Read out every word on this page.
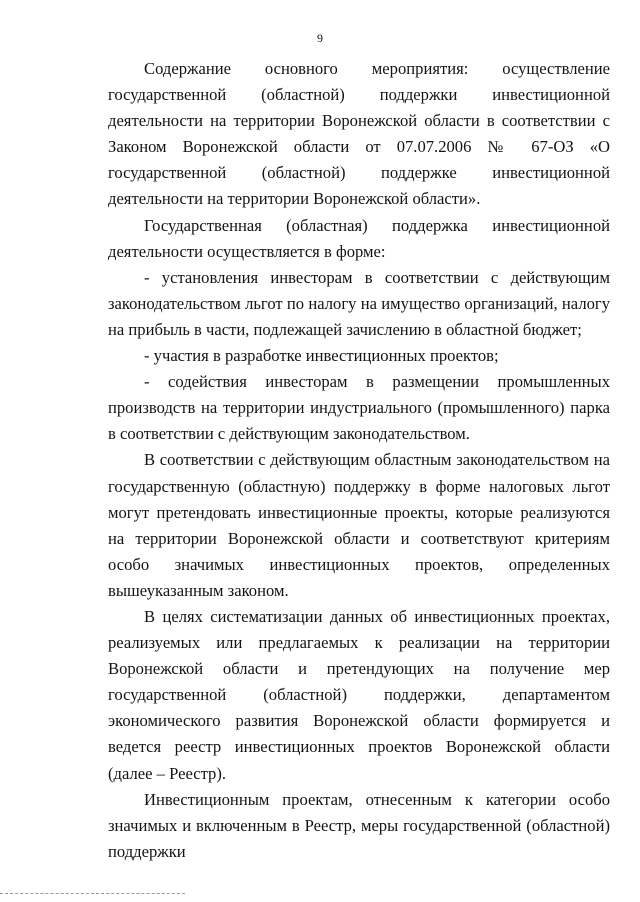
9

Содержание основного мероприятия: осуществление государственной (областной) поддержки инвестиционной деятельности на территории Воронежской области в соответствии с Законом Воронежской области от 07.07.2006 № 67-ОЗ «О государственной (областной) поддержке инвестиционной деятельности на территории Воронежской области».

Государственная (областная) поддержка инвестиционной деятельности осуществляется в форме:

- установления инвесторам в соответствии с действующим законодательством льгот по налогу на имущество организаций, налогу на прибыль в части, подлежащей зачислению в областной бюджет;

- участия в разработке инвестиционных проектов;

- содействия инвесторам в размещении промышленных производств на территории индустриального (промышленного) парка в соответствии с действующим законодательством.

В соответствии с действующим областным законодательством на государственную (областную) поддержку в форме налоговых льгот могут претендовать инвестиционные проекты, которые реализуются на территории Воронежской области и соответствуют критериям особо значимых инвестиционных проектов, определенных вышеуказанным законом.

В целях систематизации данных об инвестиционных проектах, реализуемых или предлагаемых к реализации на территории Воронежской области и претендующих на получение мер государственной (областной) поддержки, департаментом экономического развития Воронежской области формируется и ведется реестр инвестиционных проектов Воронежской области (далее – Реестр).

Инвестиционным проектам, отнесенным к категории особо значимых и включенным в Реестр, меры государственной (областной) поддержки
